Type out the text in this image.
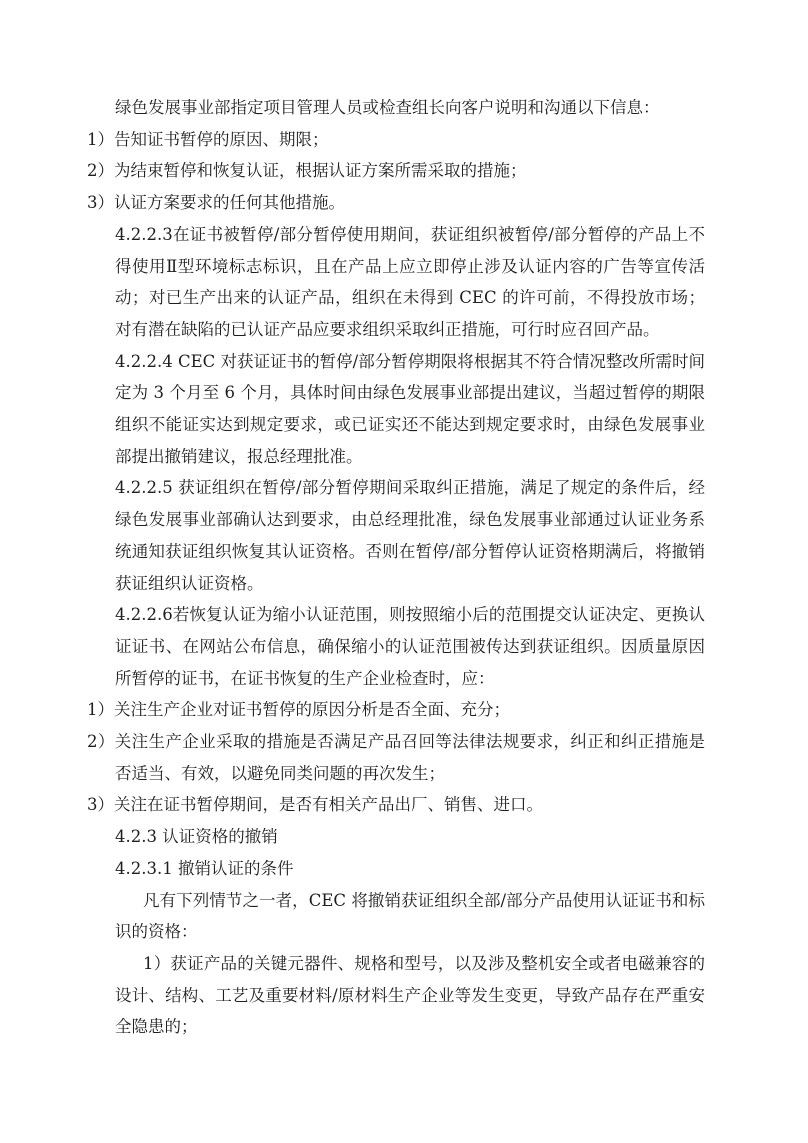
绿色发展事业部指定项目管理人员或检查组长向客户说明和沟通以下信息：

1）告知证书暂停的原因、期限；

2）为结束暂停和恢复认证，根据认证方案所需采取的措施；

3）认证方案要求的任何其他措施。

4.2.2.3在证书被暂停/部分暂停使用期间，获证组织被暂停/部分暂停的产品上不得使用Ⅱ型环境标志标识，且在产品上应立即停止涉及认证内容的广告等宣传活动；对已生产出来的认证产品，组织在未得到 CEC 的许可前，不得投放市场；对有潜在缺陷的已认证产品应要求组织采取纠正措施，可行时应召回产品。

4.2.2.4 CEC 对获证证书的暂停/部分暂停期限将根据其不符合情况整改所需时间定为 3 个月至 6 个月，具体时间由绿色发展事业部提出建议，当超过暂停的期限组织不能证实达到规定要求，或已证实还不能达到规定要求时，由绿色发展事业部提出撤销建议，报总经理批准。

4.2.2.5 获证组织在暂停/部分暂停期间采取纠正措施，满足了规定的条件后，经绿色发展事业部确认达到要求，由总经理批准，绿色发展事业部通过认证业务系统通知获证组织恢复其认证资格。否则在暂停/部分暂停认证资格期满后，将撤销获证组织认证资格。

4.2.2.6若恢复认证为缩小认证范围，则按照缩小后的范围提交认证决定、更换认证证书、在网站公布信息，确保缩小的认证范围被传达到获证组织。因质量原因所暂停的证书，在证书恢复的生产企业检查时，应：

1）关注生产企业对证书暂停的原因分析是否全面、充分；

2）关注生产企业采取的措施是否满足产品召回等法律法规要求，纠正和纠正措施是否适当、有效，以避免同类问题的再次发生；

3）关注在证书暂停期间，是否有相关产品出厂、销售、进口。

4.2.3 认证资格的撤销

4.2.3.1 撤销认证的条件

凡有下列情节之一者，CEC 将撤销获证组织全部/部分产品使用认证证书和标识的资格：

1）获证产品的关键元器件、规格和型号，以及涉及整机安全或者电磁兼容的设计、结构、工艺及重要材料/原材料生产企业等发生变更，导致产品存在严重安全隐患的；
